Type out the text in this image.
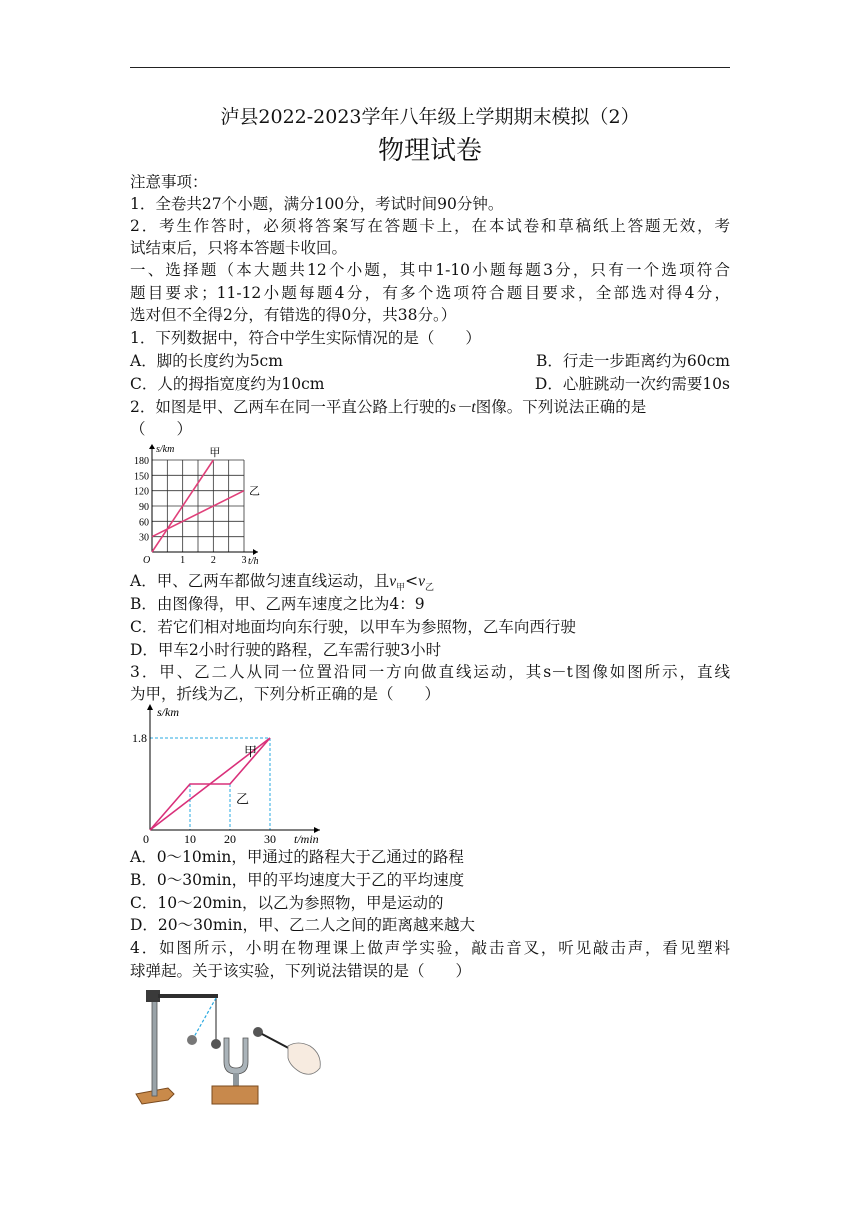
泸县2022-2023学年八年级上学期期末模拟（2）
物理试卷
注意事项：
1．全卷共27个小题，满分100分，考试时间90分钟。
2．考生作答时，必须将答案写在答题卡上，在本试卷和草稿纸上答题无效，考
试结束后，只将本答题卡收回。
一、选择题（本大题共12个小题，其中1-10小题每题3分，只有一个选项符合
题目要求；11-12小题每题4分，有多个选项符合题目要求，全部选对得4分，
选对但不全得2分，有错选的得0分，共38分。）
1．下列数据中，符合中学生实际情况的是（　　）
A．脚的长度约为5cm	B．行走一步距离约为60cm
C．人的拇指宽度约为10cm	D．心脏跳动一次约需要10s
2．如图是甲、乙两车在同一平直公路上行驶的s－t图像。下列说法正确的是
（　　）
s/km
t/h
O
30
60
90
120
150
180
1	2	3
甲
乙
A．甲、乙两车都做匀速直线运动，且$v_甲<v_乙$
B．由图像得，甲、乙两车速度之比为4：9
C．若它们相对地面均向东行驶，以甲车为参照物，乙车向西行驶
D．甲车2小时行驶的路程，乙车需行驶3小时
3．甲、乙二人从同一位置沿同一方向做直线运动，其s－t图像如图所示，直线
为甲，折线为乙，下列分析正确的是（　　）
s/km
t/min
0
1.8
10 20 30
甲
乙
A．0～10min，甲通过的路程大于乙通过的路程
B．0～30min，甲的平均速度大于乙的平均速度
C．10～20min，以乙为参照物，甲是运动的
D．20～30min，甲、乙二人之间的距离越来越大
4．如图所示，小明在物理课上做声学实验，敲击音叉，听见敲击声，看见塑料
球弹起。关于该实验，下列说法错误的是（　　）
